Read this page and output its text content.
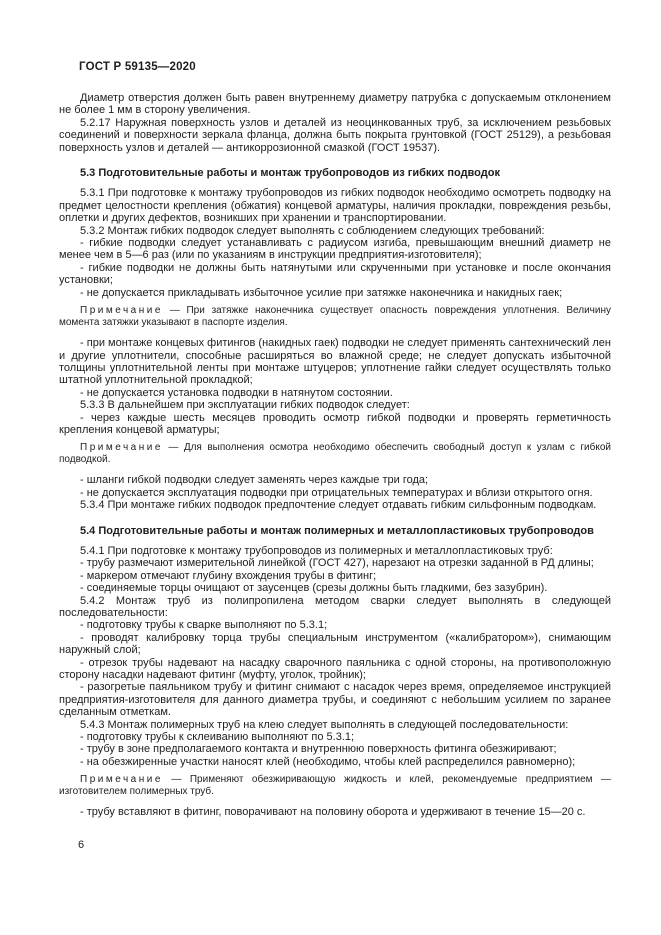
ГОСТ Р 59135—2020

Диаметр отверстия должен быть равен внутреннему диаметру патрубка с допускаемым отклонением не более 1 мм в сторону увеличения.

5.2.17 Наружная поверхность узлов и деталей из неоцинкованных труб, за исключением резьбовых соединений и поверхности зеркала фланца, должна быть покрыта грунтовкой (ГОСТ 25129), а резьбовая поверхность узлов и деталей — антикоррозионной смазкой (ГОСТ 19537).

5.3 Подготовительные работы и монтаж трубопроводов из гибких подводок

5.3.1 При подготовке к монтажу трубопроводов из гибких подводок необходимо осмотреть подводку на предмет целостности крепления (обжатия) концевой арматуры, наличия прокладки, повреждения резьбы, оплетки и других дефектов, возникших при хранении и транспортировании.

5.3.2 Монтаж гибких подводок следует выполнять с соблюдением следующих требований:

- гибкие подводки следует устанавливать с радиусом изгиба, превышающим внешний диаметр не менее чем в 5—6 раз (или по указаниям в инструкции предприятия-изготовителя);

- гибкие подводки не должны быть натянутыми или скрученными при установке и после окончания установки;

- не допускается прикладывать избыточное усилие при затяжке наконечника и накидных гаек;

Примечание — При затяжке наконечника существует опасность повреждения уплотнения. Величину момента затяжки указывают в паспорте изделия.

- при монтаже концевых фитингов (накидных гаек) подводки не следует применять сантехнический лен и другие уплотнители, способные расширяться во влажной среде; не следует допускать избыточной толщины уплотнительной ленты при монтаже штуцеров; уплотнение гайки следует осуществлять только штатной уплотнительной прокладкой;

- не допускается установка подводки в натянутом состоянии.

5.3.3 В дальнейшем при эксплуатации гибких подводок следует:

- через каждые шесть месяцев проводить осмотр гибкой подводки и проверять герметичность крепления концевой арматуры;

Примечание — Для выполнения осмотра необходимо обеспечить свободный доступ к узлам с гибкой подводкой.

- шланги гибкой подводки следует заменять через каждые три года;

- не допускается эксплуатация подводки при отрицательных температурах и вблизи открытого огня.

5.3.4 При монтаже гибких подводок предпочтение следует отдавать гибким сильфонным подводкам.

5.4 Подготовительные работы и монтаж полимерных и металлопластиковых трубопроводов

5.4.1 При подготовке к монтажу трубопроводов из полимерных и металлопластиковых труб:

- трубу размечают измерительной линейкой (ГОСТ 427), нарезают на отрезки заданной в РД длины;

- маркером отмечают глубину вхождения трубы в фитинг;

- соединяемые торцы очищают от заусенцев (срезы должны быть гладкими, без зазубрин).

5.4.2 Монтаж труб из полипропилена методом сварки следует выполнять в следующей последовательности:

- подготовку трубы к сварке выполняют по 5.3.1;

- проводят калибровку торца трубы специальным инструментом («калибратором»), снимающим наружный слой;

- отрезок трубы надевают на насадку сварочного паяльника с одной стороны, на противоположную сторону насадки надевают фитинг (муфту, уголок, тройник);

- разогретые паяльником трубу и фитинг снимают с насадок через время, определяемое инструкцией предприятия-изготовителя для данного диаметра трубы, и соединяют с небольшим усилием по заранее сделанным отметкам.

5.4.3 Монтаж полимерных труб на клею следует выполнять в следующей последовательности:

- подготовку трубы к склеиванию выполняют по 5.3.1;

- трубу в зоне предполагаемого контакта и внутреннюю поверхность фитинга обезжиривают;

- на обезжиренные участки наносят клей (необходимо, чтобы клей распределился равномерно);

Примечание — Применяют обезжиривающую жидкость и клей, рекомендуемые предприятием — изготовителем полимерных труб.

- трубу вставляют в фитинг, поворачивают на половину оборота и удерживают в течение 15—20 с.

6
